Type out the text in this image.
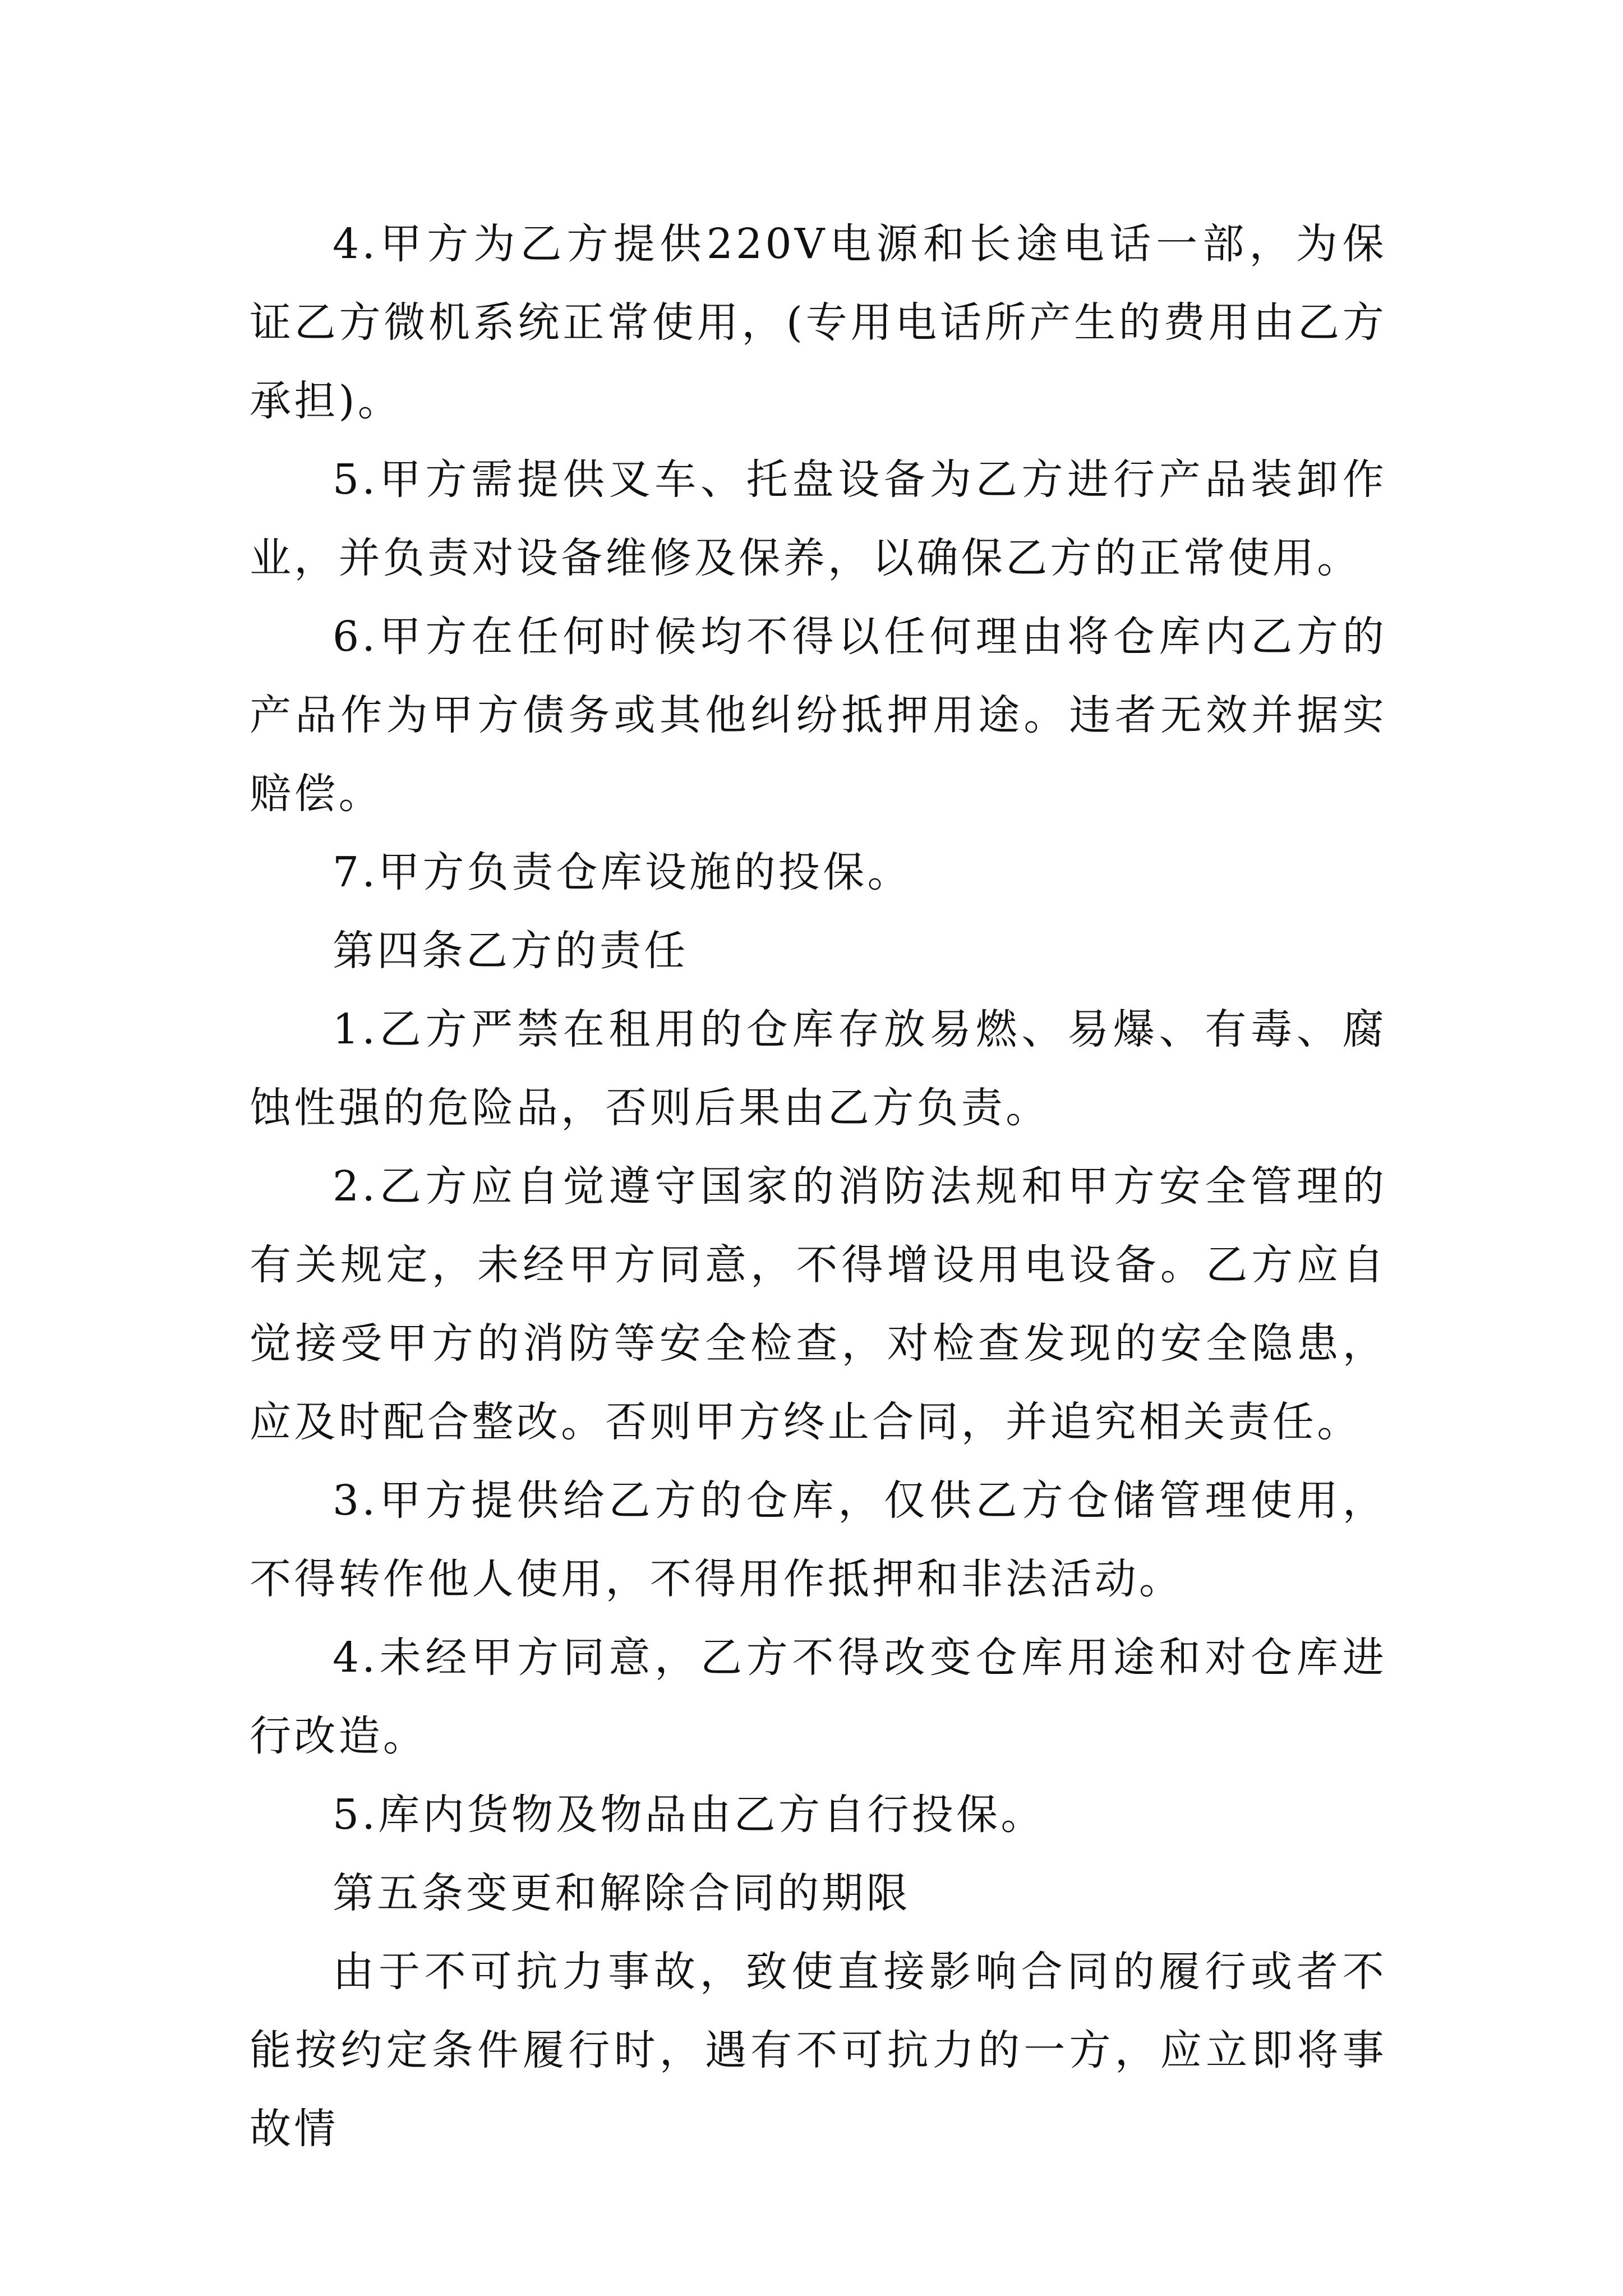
4.甲方为乙方提供220V电源和长途电话一部，为保证乙方微机系统正常使用，(专用电话所产生的费用由乙方承担)。

5.甲方需提供叉车、托盘设备为乙方进行产品装卸作业，并负责对设备维修及保养，以确保乙方的正常使用。

6.甲方在任何时候均不得以任何理由将仓库内乙方的产品作为甲方债务或其他纠纷抵押用途。违者无效并据实赔偿。

7.甲方负责仓库设施的投保。

第四条乙方的责任

1.乙方严禁在租用的仓库存放易燃、易爆、有毒、腐蚀性强的危险品，否则后果由乙方负责。

2.乙方应自觉遵守国家的消防法规和甲方安全管理的有关规定，未经甲方同意，不得增设用电设备。乙方应自觉接受甲方的消防等安全检查，对检查发现的安全隐患，应及时配合整改。否则甲方终止合同，并追究相关责任。

3.甲方提供给乙方的仓库，仅供乙方仓储管理使用，不得转作他人使用，不得用作抵押和非法活动。

4.未经甲方同意，乙方不得改变仓库用途和对仓库进行改造。

5.库内货物及物品由乙方自行投保。

第五条变更和解除合同的期限

由于不可抗力事故，致使直接影响合同的履行或者不能按约定条件履行时，遇有不可抗力的一方，应立即将事故情
